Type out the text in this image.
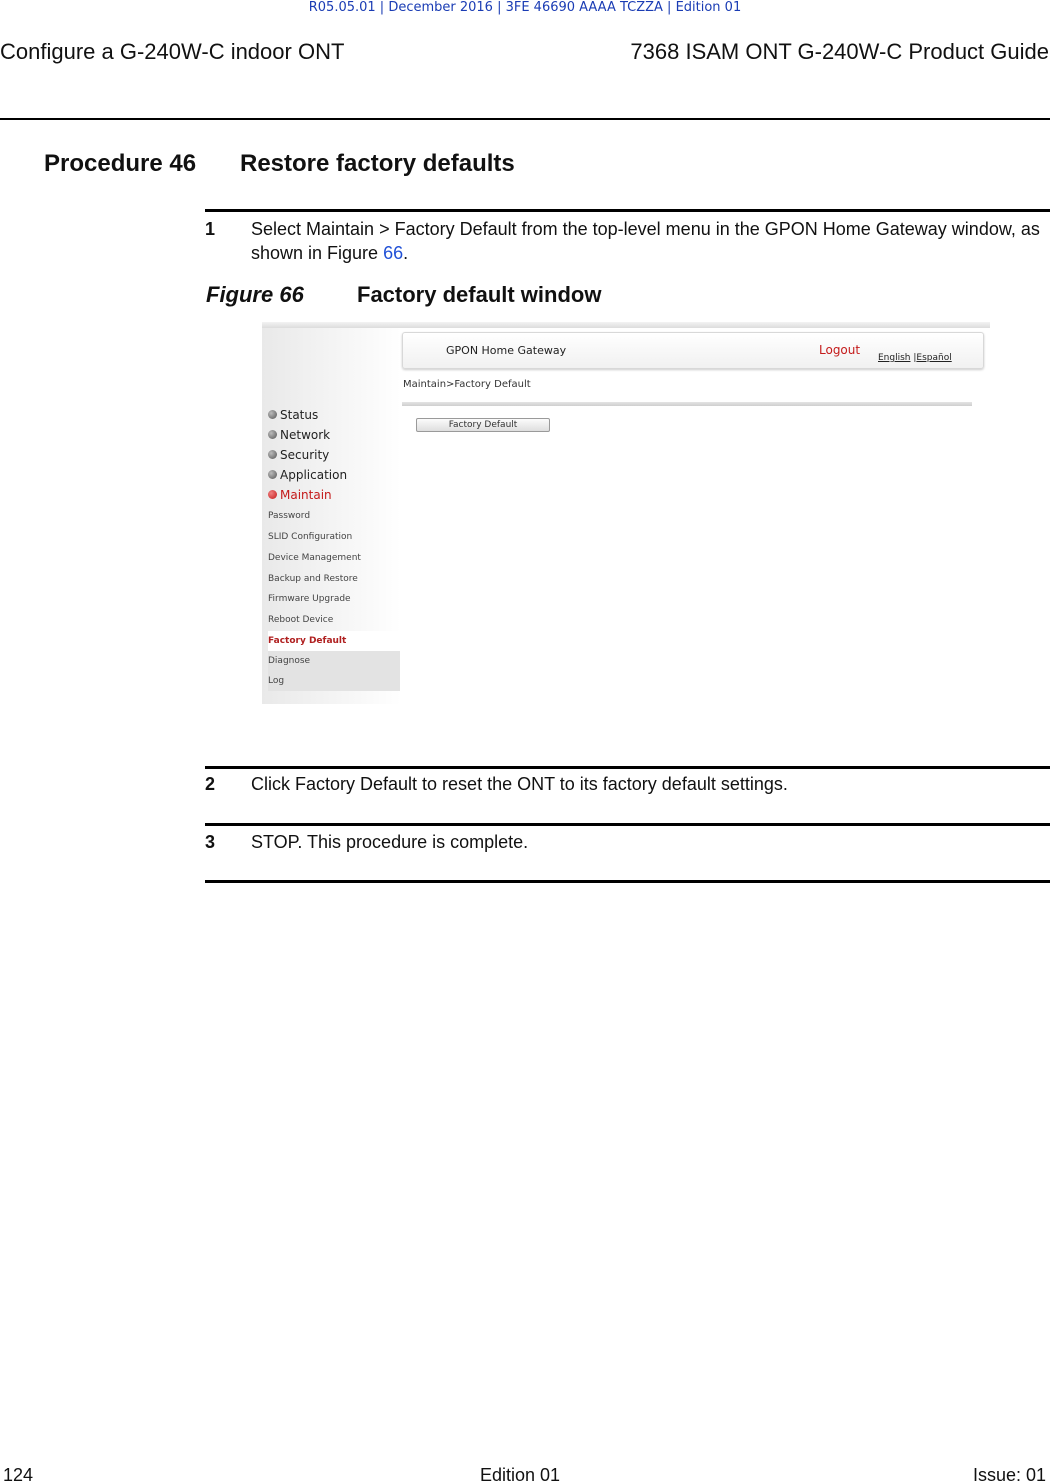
R05.05.01 | December 2016 | 3FE 46690 AAAA TCZZA | Edition 01
Configure a G-240W-C indoor ONT	7368 ISAM ONT G-240W-C Product Guide
Procedure 46 Restore factory defaults
1 Select Maintain > Factory Default from the top-level menu in the GPON Home Gateway window, as shown in Figure 66.
Figure 66 Factory default window
Status
Network
Security
Application
Maintain
Password
SLID Configuration
Device Management
Backup and Restore
Firmware Upgrade
Reboot Device
Factory Default
Diagnose
Log
GPON Home Gateway	Logout
English |Español
Maintain>Factory Default
Factory Default
2 Click Factory Default to reset the ONT to its factory default settings.
3 STOP. This procedure is complete.
124	Edition 01	Issue: 01
